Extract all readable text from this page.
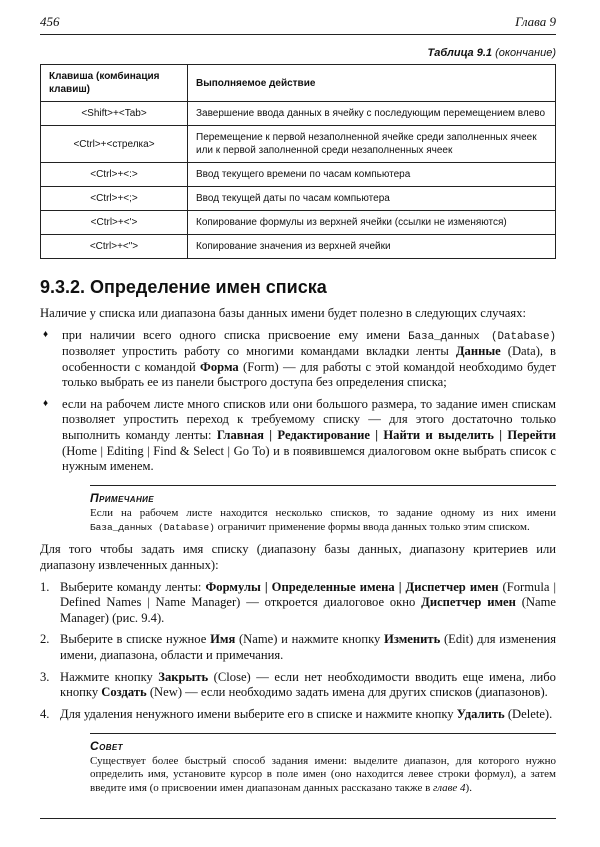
456	Глава 9
Таблица 9.1 (окончание)
Клавиша (комбинация клавиш)	Выполняемое действие
<Shift>+<Tab>	Завершение ввода данных в ячейку с последующим перемещением влево
<Ctrl>+<стрелка>	Перемещение к первой незаполненной ячейке среди заполненных ячеек или к первой заполненной среди незаполненных ячеек
<Ctrl>+<:>	Ввод текущего времени по часам компьютера
<Ctrl>+<;>	Ввод текущей даты по часам компьютера
<Ctrl>+<'>	Копирование формулы из верхней ячейки (ссылки не изменяются)
<Ctrl>+<">	Копирование значения из верхней ячейки
9.3.2. Определение имен списка

Наличие у списка или диапазона базы данных имени будет полезно в следующих случаях:

♦ при наличии всего одного списка присвоение ему имени База_данных (Database) позволяет упростить работу со многими командами вкладки ленты Данные (Data), в особенности с командой Форма (Form) — для работы с этой командой необходимо будет только выбрать ее из панели быстрого доступа без определения списка;
♦ если на рабочем листе много списков или они большого размера, то задание имен спискам позволяет упростить переход к требуемому списку — для этого достаточно только выполнить команду ленты: Главная | Редактирование | Найти и выделить | Перейти (Home | Editing | Find & Select | Go To) и в появившемся диалоговом окне выбрать список с нужным именем.
Примечание
Если на рабочем листе находится несколько списков, то задание одному из них имени База_данных (Database) ограничит применение формы ввода данных только этим списком.

Для того чтобы задать имя списку (диапазону базы данных, диапазону критериев или диапазону извлеченных данных):

1. Выберите команду ленты: Формулы | Определенные имена | Диспетчер имен (Formula | Defined Names | Name Manager) — откроется диалоговое окно Диспетчер имен (Name Manager) (рис. 9.4).
2. Выберите в списке нужное Имя (Name) и нажмите кнопку Изменить (Edit) для изменения имени, диапазона, области и примечания.
3. Нажмите кнопку Закрыть (Close) — если нет необходимости вводить еще имена, либо кнопку Создать (New) — если необходимо задать имена для других списков (диапазонов).
4. Для удаления ненужного имени выберите его в списке и нажмите кнопку Удалить (Delete).
Совет
Существует более быстрый способ задания имени: выделите диапазон, для которого нужно определить имя, установите курсор в поле имен (оно находится левее строки формул), а затем введите имя (о присвоении имен диапазонам данных рассказано также в главе 4).
